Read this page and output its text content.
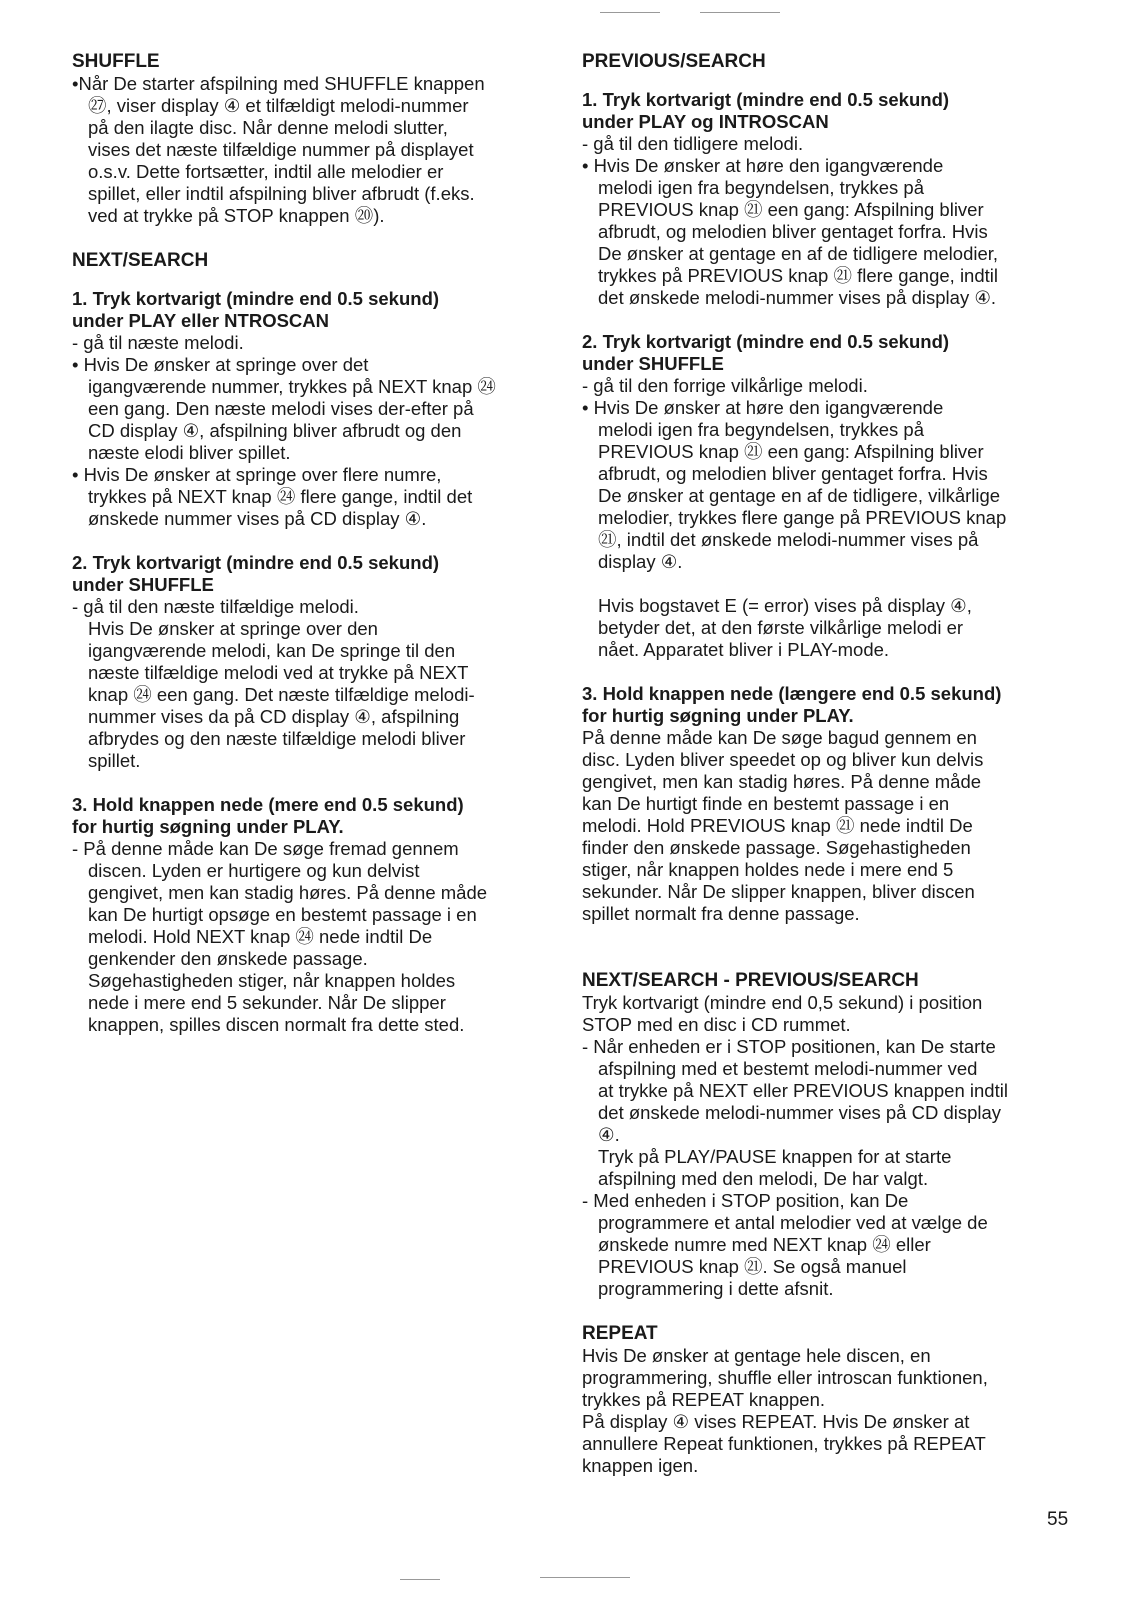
SHUFFLE
•Når De starter afspilning med SHUFFLE knappen
㉗, viser display ④ et tilfældigt melodi-nummer
på den ilagte disc. Når denne melodi slutter,
vises det næste tilfældige nummer på displayet
o.s.v. Dette fortsætter, indtil alle melodier er
spillet, eller indtil afspilning bliver afbrudt (f.eks.
ved at trykke på STOP knappen ⑳).
NEXT/SEARCH
1. Tryk kortvarigt (mindre end 0.5 sekund)
under PLAY eller NTROSCAN
- gå til næste melodi.
• Hvis De ønsker at springe over det
igangværende nummer, trykkes på NEXT knap ㉔
een gang. Den næste melodi vises der-efter på
CD display ④, afspilning bliver afbrudt og den
næste elodi bliver spillet.
• Hvis De ønsker at springe over flere numre,
trykkes på NEXT knap ㉔ flere gange, indtil det
ønskede nummer vises på CD display ④.
2. Tryk kortvarigt (mindre end 0.5 sekund)
under SHUFFLE
- gå til den næste tilfældige melodi.
Hvis De ønsker at springe over den
igangværende melodi, kan De springe til den
næste tilfældige melodi ved at trykke på NEXT
knap ㉔ een gang. Det næste tilfældige melodi-
nummer vises da på CD display ④, afspilning
afbrydes og den næste tilfældige melodi bliver
spillet.
3. Hold knappen nede (mere end 0.5 sekund)
for hurtig søgning under PLAY.
- På denne måde kan De søge fremad gennem
discen. Lyden er hurtigere og kun delvist
gengivet, men kan stadig høres. På denne måde
kan De hurtigt opsøge en bestemt passage i en
melodi. Hold NEXT knap ㉔ nede indtil De
genkender den ønskede passage.
Søgehastigheden stiger, når knappen holdes
nede i mere end 5 sekunder. Når De slipper
knappen, spilles discen normalt fra dette sted.
PREVIOUS/SEARCH
1. Tryk kortvarigt (mindre end 0.5 sekund)
under PLAY og INTROSCAN
- gå til den tidligere melodi.
• Hvis De ønsker at høre den igangværende
melodi igen fra begyndelsen, trykkes på
PREVIOUS knap ㉑ een gang: Afspilning bliver
afbrudt, og melodien bliver gentaget forfra. Hvis
De ønsker at gentage en af de tidligere melodier,
trykkes på PREVIOUS knap ㉑ flere gange, indtil
det ønskede melodi-nummer vises på display ④.
2. Tryk kortvarigt (mindre end 0.5 sekund)
under SHUFFLE
- gå til den forrige vilkårlige melodi.
• Hvis De ønsker at høre den igangværende
melodi igen fra begyndelsen, trykkes på
PREVIOUS knap ㉑ een gang: Afspilning bliver
afbrudt, og melodien bliver gentaget forfra. Hvis
De ønsker at gentage en af de tidligere, vilkårlige
melodier, trykkes flere gange på PREVIOUS knap
㉑, indtil det ønskede melodi-nummer vises på
display ④.
Hvis bogstavet E (= error) vises på display ④,
betyder det, at den første vilkårlige melodi er
nået. Apparatet bliver i PLAY-mode.
3. Hold knappen nede (længere end 0.5 sekund)
for hurtig søgning under PLAY.
På denne måde kan De søge bagud gennem en
disc. Lyden bliver speedet op og bliver kun delvis
gengivet, men kan stadig høres. På denne måde
kan De hurtigt finde en bestemt passage i en
melodi. Hold PREVIOUS knap ㉑ nede indtil De
finder den ønskede passage. Søgehastigheden
stiger, når knappen holdes nede i mere end 5
sekunder. Når De slipper knappen, bliver discen
spillet normalt fra denne passage.
NEXT/SEARCH - PREVIOUS/SEARCH
Tryk kortvarigt (mindre end 0,5 sekund) i position
STOP med en disc i CD rummet.
- Når enheden er i STOP positionen, kan De starte
afspilning med et bestemt melodi-nummer ved
at trykke på NEXT eller PREVIOUS knappen indtil
det ønskede melodi-nummer vises på CD display
④.
Tryk på PLAY/PAUSE knappen for at starte
afspilning med den melodi, De har valgt.
- Med enheden i STOP position, kan De
programmere et antal melodier ved at vælge de
ønskede numre med NEXT knap ㉔ eller
PREVIOUS knap ㉑. Se også manuel
programmering i dette afsnit.
REPEAT
Hvis De ønsker at gentage hele discen, en
programmering, shuffle eller introscan funktionen,
trykkes på REPEAT knappen.
På display ④ vises REPEAT. Hvis De ønsker at
annullere Repeat funktionen, trykkes på REPEAT
knappen igen.
55
